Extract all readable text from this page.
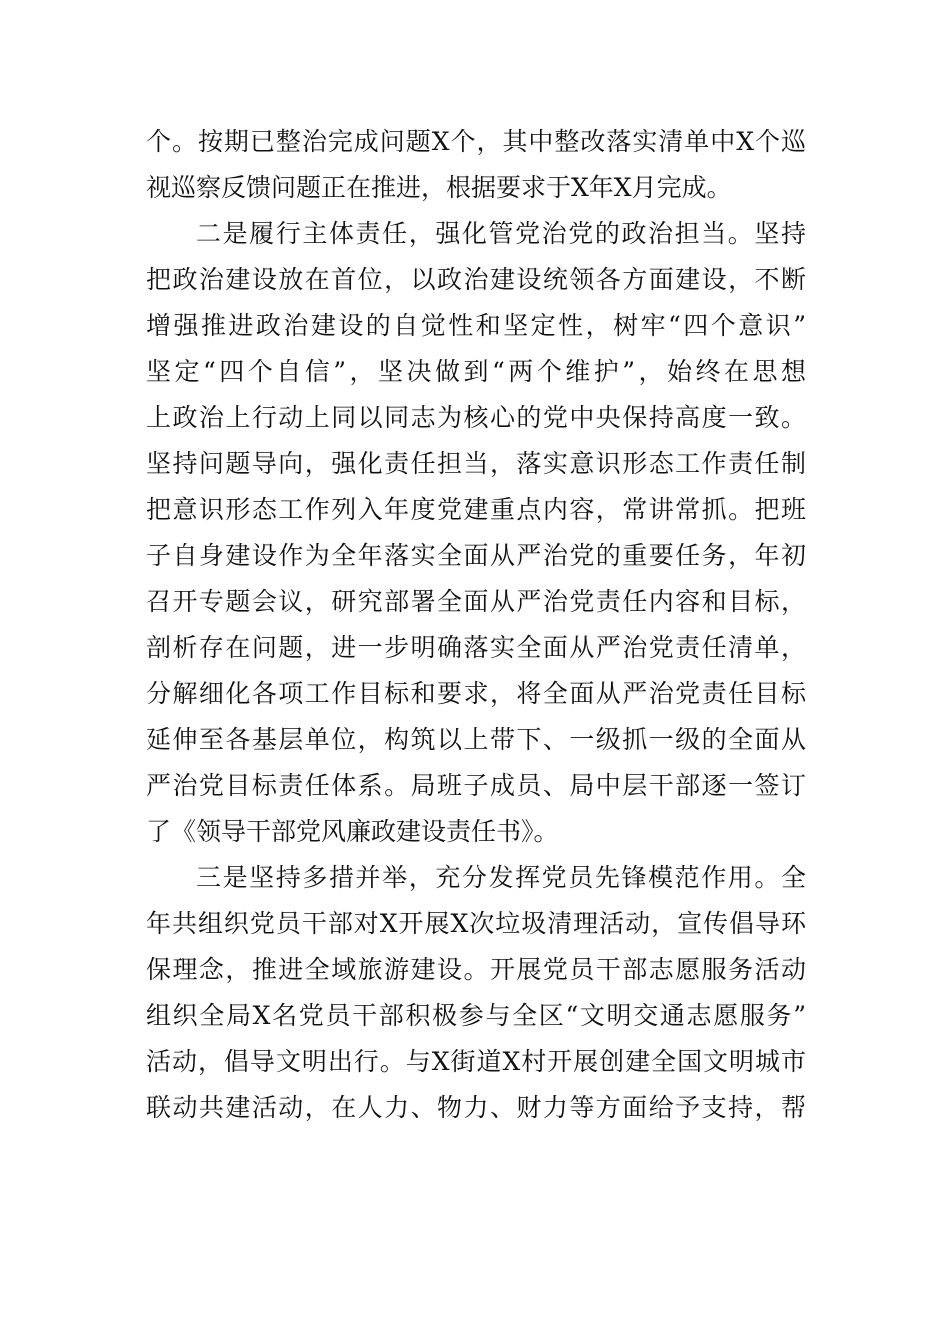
个。按期已整治完成问题X个，其中整改落实清单中X个巡
视巡察反馈问题正在推进，根据要求于X年X月完成。
二是履行主体责任，强化管党治党的政治担当。坚持
把政治建设放在首位，以政治建设统领各方面建设，不断
增强推进政治建设的自觉性和坚定性，树牢“四个意识”
坚定“四个自信”，坚决做到“两个维护”，始终在思想
上政治上行动上同以同志为核心的党中央保持高度一致。
坚持问题导向，强化责任担当，落实意识形态工作责任制
把意识形态工作列入年度党建重点内容，常讲常抓。把班
子自身建设作为全年落实全面从严治党的重要任务，年初
召开专题会议，研究部署全面从严治党责任内容和目标，
剖析存在问题，进一步明确落实全面从严治党责任清单，
分解细化各项工作目标和要求，将全面从严治党责任目标
延伸至各基层单位，构筑以上带下、一级抓一级的全面从
严治党目标责任体系。局班子成员、局中层干部逐一签订
了《领导干部党风廉政建设责任书》。
三是坚持多措并举，充分发挥党员先锋模范作用。全
年共组织党员干部对X开展X次垃圾清理活动，宣传倡导环
保理念，推进全域旅游建设。开展党员干部志愿服务活动
组织全局X名党员干部积极参与全区“文明交通志愿服务”
活动，倡导文明出行。与X街道X村开展创建全国文明城市
联动共建活动，在人力、物力、财力等方面给予支持，帮
